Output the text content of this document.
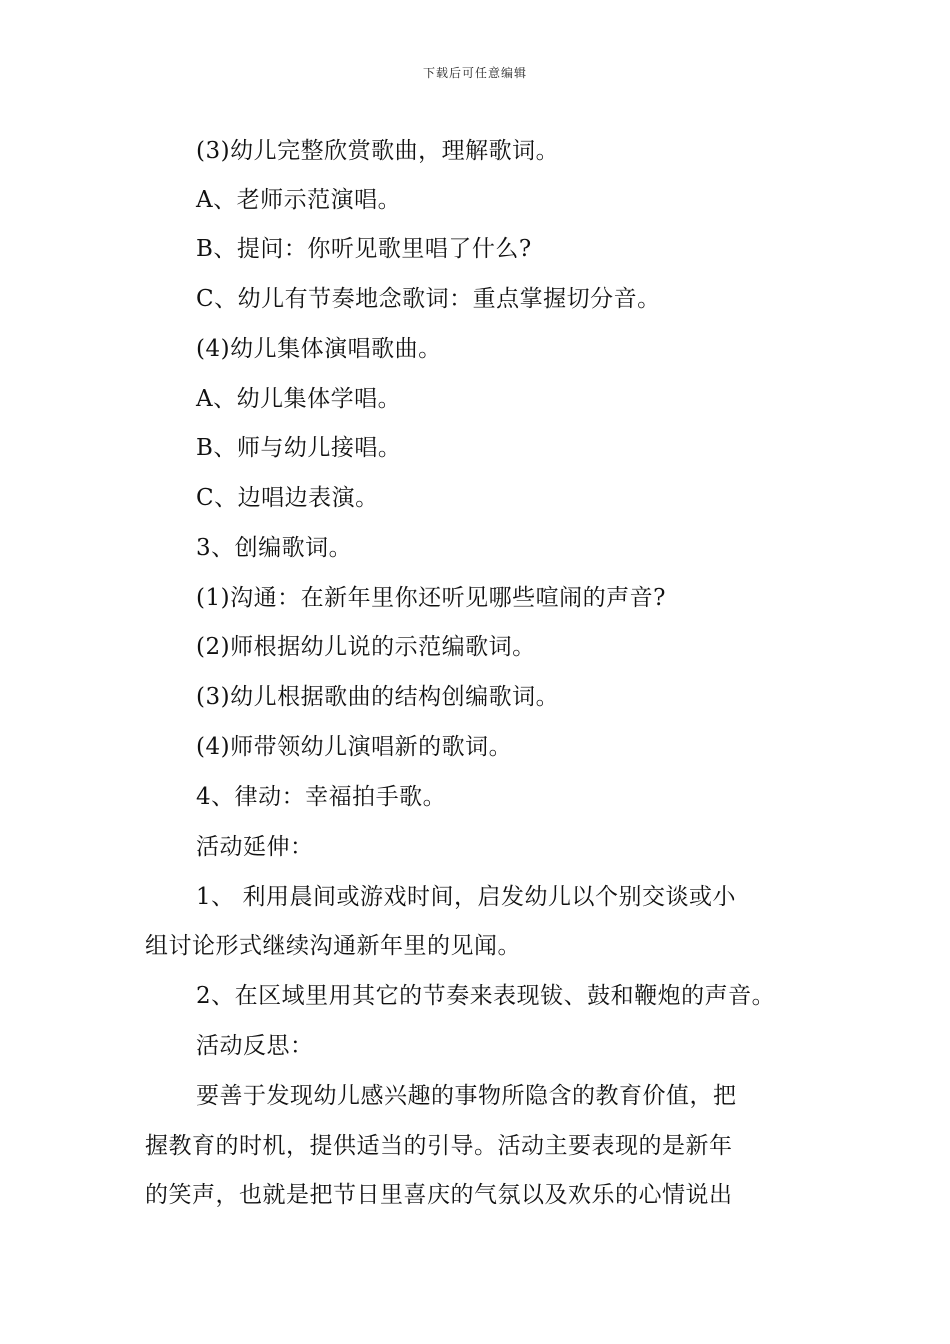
下载后可任意编辑
(3)幼儿完整欣赏歌曲，理解歌词。
A、老师示范演唱。
B、提问：你听见歌里唱了什么?
C、幼儿有节奏地念歌词：重点掌握切分音。
(4)幼儿集体演唱歌曲。
A、幼儿集体学唱。
B、师与幼儿接唱。
C、边唱边表演。
3、创编歌词。
(1)沟通：在新年里你还听见哪些喧闹的声音?
(2)师根据幼儿说的示范编歌词。
(3)幼儿根据歌曲的结构创编歌词。
(4)师带领幼儿演唱新的歌词。
4、律动：幸福拍手歌。
活动延伸：
1、 利用晨间或游戏时间，启发幼儿以个别交谈或小
组讨论形式继续沟通新年里的见闻。
2、在区域里用其它的节奏来表现钹、鼓和鞭炮的声音。
活动反思：
要善于发现幼儿感兴趣的事物所隐含的教育价值，把
握教育的时机，提供适当的引导。活动主要表现的是新年
的笑声，也就是把节日里喜庆的气氛以及欢乐的心情说出
